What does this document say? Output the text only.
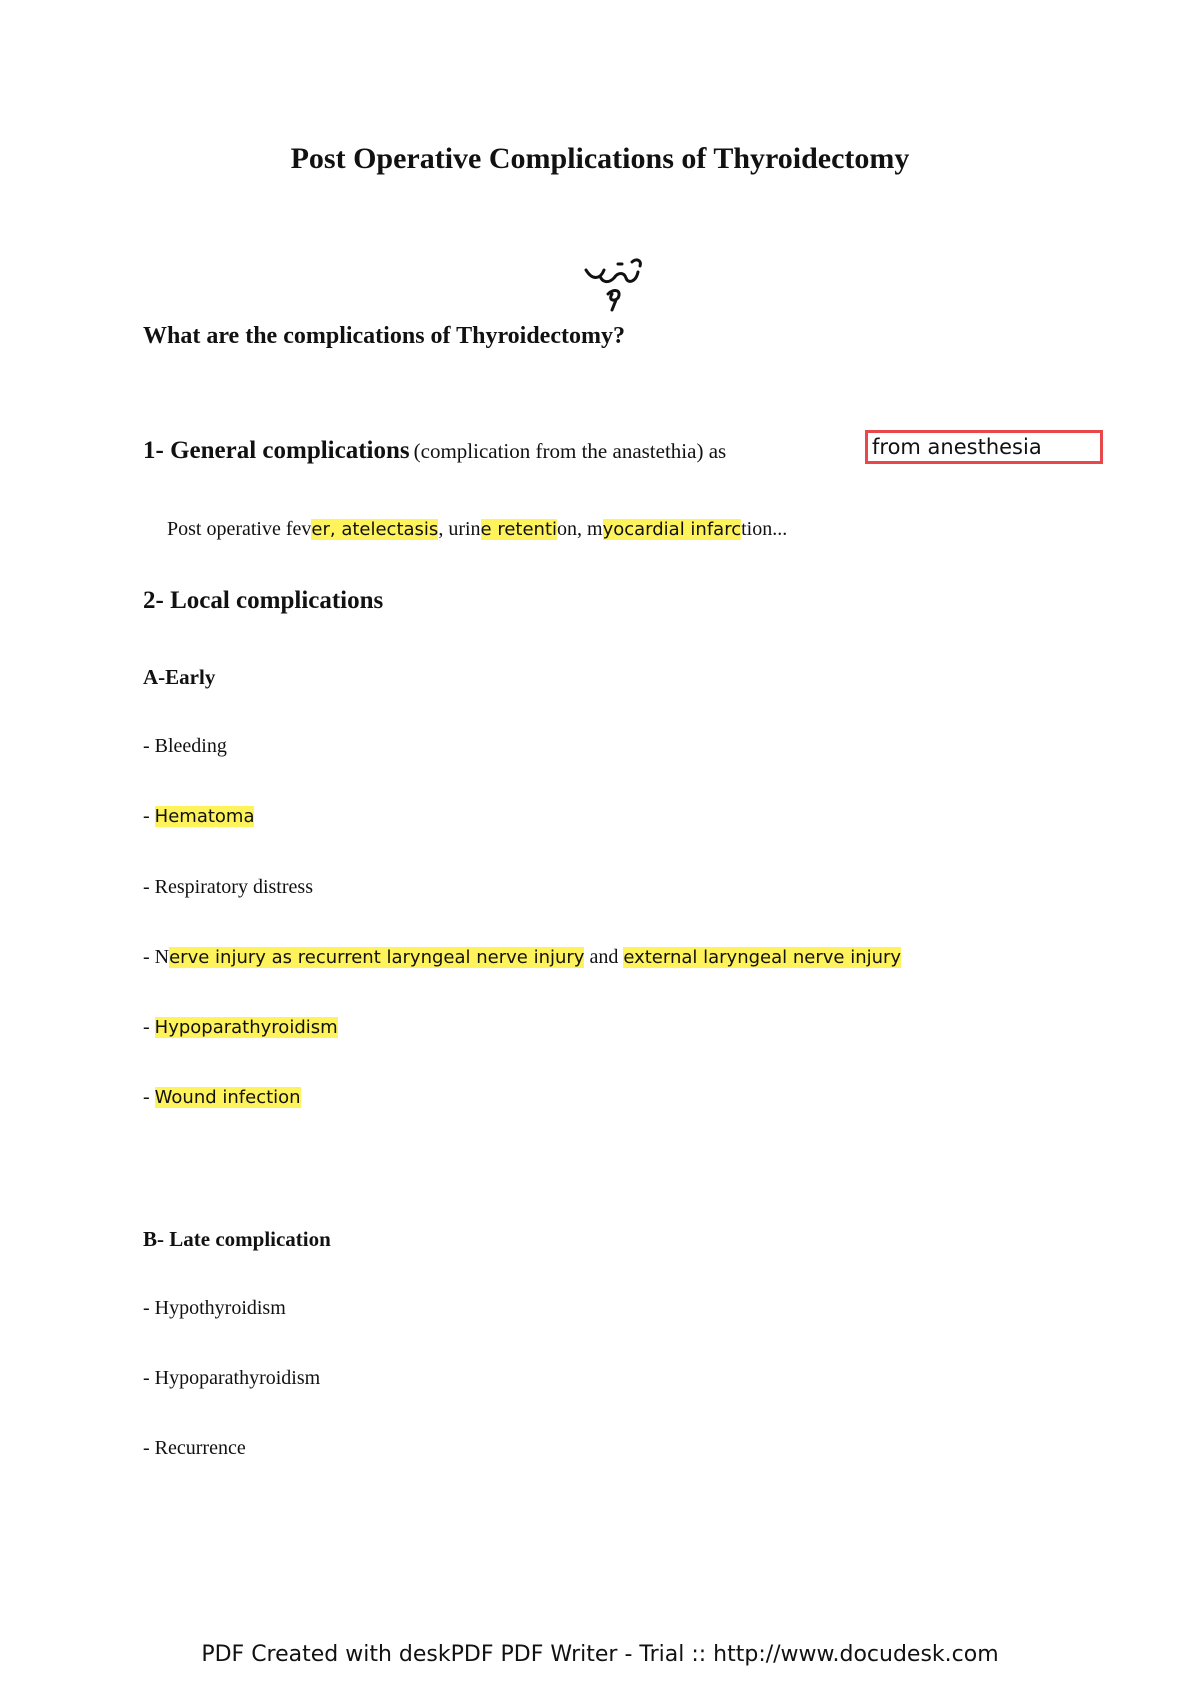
Post Operative Complications of Thyroidectomy
What are the complications of Thyroidectomy?
1- General complications (complication from the anastethia) as	from anesthesia
Post operative fever, atelectasis, urine retention, myocardial infarction...
2- Local complications
A-Early
- Bleeding
- Hematoma
- Respiratory distress
- Nerve injury as recurrent laryngeal nerve injury and external laryngeal nerve injury
- Hypoparathyroidism
- Wound infection
B- Late complication
- Hypothyroidism
- Hypoparathyroidism
- Recurrence
PDF Created with deskPDF PDF Writer - Trial :: http://www.docudesk.com
